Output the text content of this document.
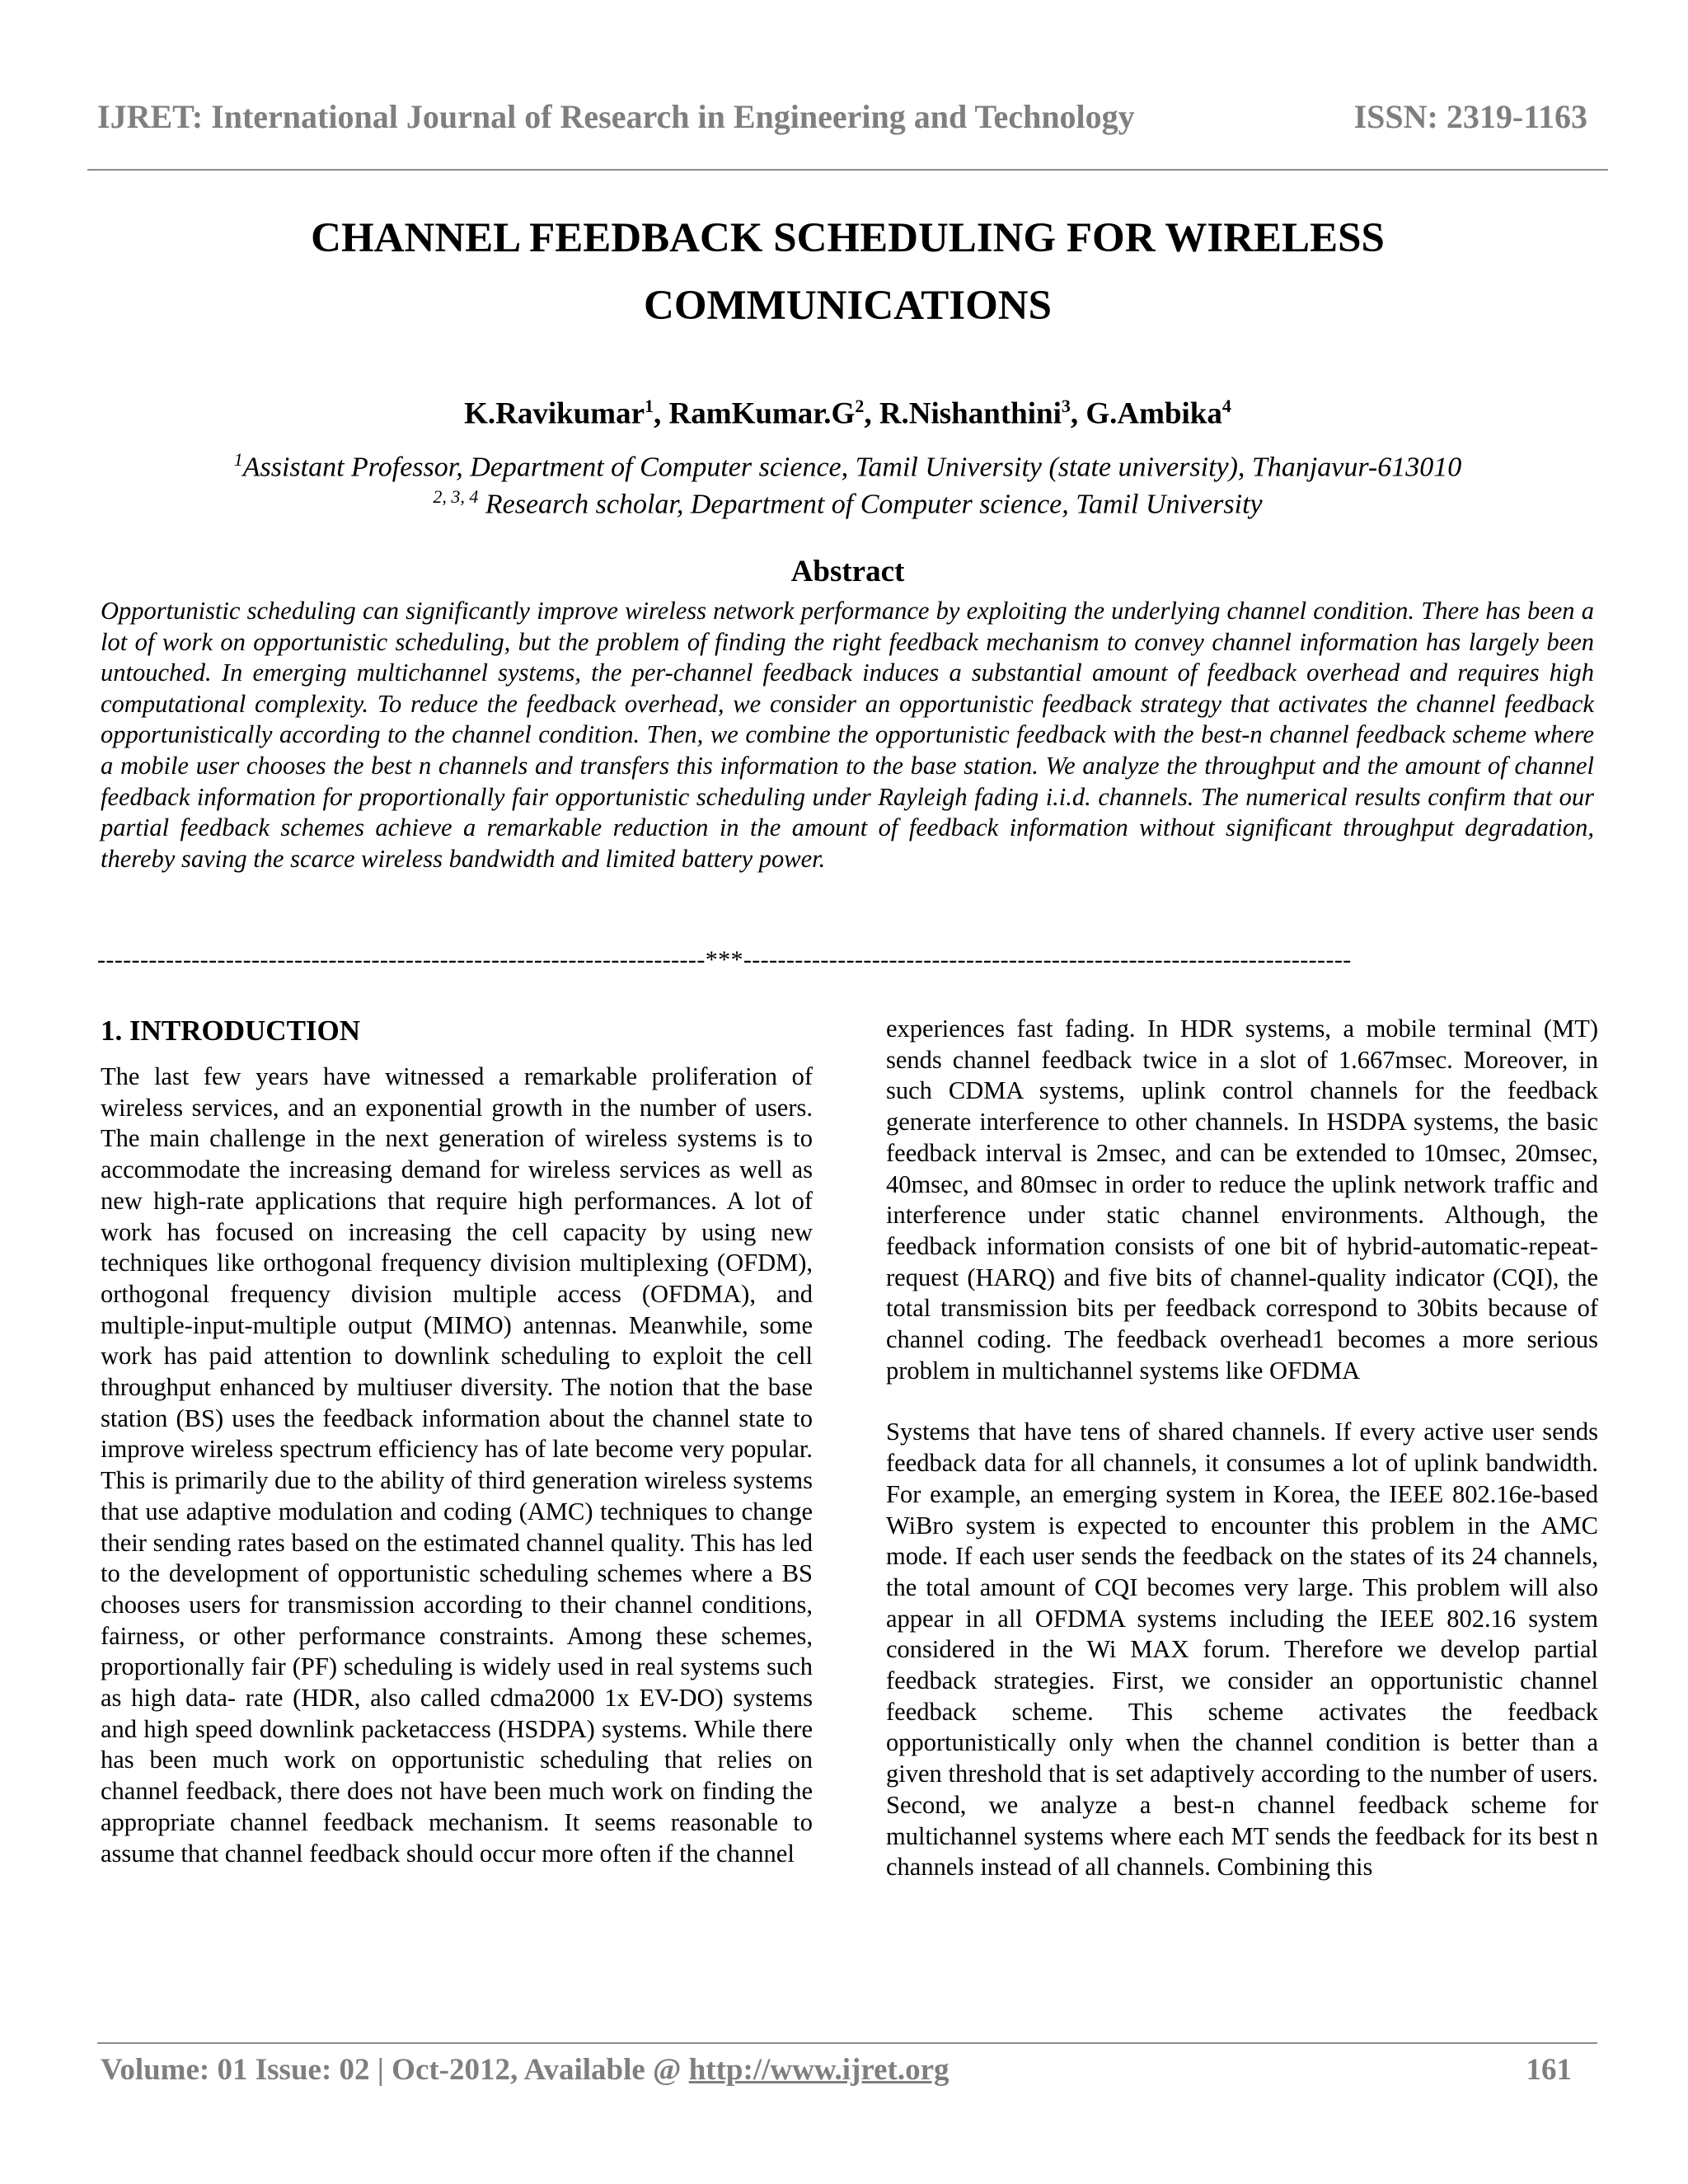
IJRET: International Journal of Research in Engineering and Technology	ISSN: 2319-1163
CHANNEL FEEDBACK SCHEDULING FOR WIRELESS
COMMUNICATIONS
K.Ravikumar$^1$, $RamKumar.G^2$, R.Nishanthini$^3$, G.Ambika$^4$
$^1$Assistant Professor, Department of Computer science, Tamil University (state university), Thanjavur-613010
$^{2, 3, 4}$ Research scholar, Department of Computer science, Tamil University
Abstract
Opportunistic scheduling can significantly improve wireless network performance by exploiting the underlying channel condition. There has been a lot of work on opportunistic scheduling, but the problem of finding the right feedback mechanism to convey channel information has largely been untouched. In emerging multichannel systems, the per-channel feedback induces a substantial amount of feedback overhead and requires high computational complexity. To reduce the feedback overhead, we consider an opportunistic feedback strategy that activates the channel feedback opportunistically according to the channel condition. Then, we combine the opportunistic feedback with the best-n channel feedback scheme where a mobile user chooses the best n channels and transfers this information to the base station. We analyze the throughput and the amount of channel feedback information for proportionally fair opportunistic scheduling under Rayleigh fading i.i.d. channels. The numerical results confirm that our partial feedback schemes achieve a remarkable reduction in the amount of feedback information without significant throughput degradation, thereby saving the scarce wireless bandwidth and limited battery power.
-----------------------------------------------------------------------***-----------------------------------------------------------------------
1. INTRODUCTION
The last few years have witnessed a remarkable proliferation of wireless services, and an exponential growth in the number of users. The main challenge in the next generation of wireless systems is to accommodate the increasing demand for wireless services as well as new high-rate applications that require high performances. A lot of work has focused on increasing the cell capacity by using new techniques like orthogonal frequency division multiplexing (OFDM), orthogonal frequency division multiple access (OFDMA), and multiple-input-multiple output (MIMO) antennas. Meanwhile, some work has paid attention to downlink scheduling to exploit the cell throughput enhanced by multiuser diversity. The notion that the base station (BS) uses the feedback information about the channel state to improve wireless spectrum efficiency has of late become very popular. This is primarily due to the ability of third generation wireless systems that use adaptive modulation and coding (AMC) techniques to change their sending rates based on the estimated channel quality. This has led to the development of opportunistic scheduling schemes where a BS chooses users for transmission according to their channel conditions, fairness, or other performance constraints. Among these schemes, proportionally fair (PF) scheduling is widely used in real systems such as high data- rate (HDR, also called cdma2000 1x EV-DO) systems and high speed downlink packetaccess (HSDPA) systems. While there has been much work on opportunistic scheduling that relies on channel feedback, there does not have been much work on finding the appropriate channel feedback mechanism. It seems reasonable to assume that channel feedback should occur more often if the channel
experiences fast fading. In HDR systems, a mobile terminal (MT) sends channel feedback twice in a slot of 1.667msec. Moreover, in such CDMA systems, uplink control channels for the feedback generate interference to other channels. In HSDPA systems, the basic feedback interval is 2msec, and can be extended to 10msec, 20msec, 40msec, and 80msec in order to reduce the uplink network traffic and interference under static channel environments. Although, the feedback information consists of one bit of hybrid-automatic-repeat-request (HARQ) and five bits of channel-quality indicator (CQI), the total transmission bits per feedback correspond to 30bits because of channel coding. The feedback overhead1 becomes a more serious problem in multichannel systems like OFDMA
Systems that have tens of shared channels. If every active user sends feedback data for all channels, it consumes a lot of uplink bandwidth. For example, an emerging system in Korea, the IEEE 802.16e-based WiBro system is expected to encounter this problem in the AMC mode. If each user sends the feedback on the states of its 24 channels, the total amount of CQI becomes very large. This problem will also appear in all OFDMA systems including the IEEE 802.16 system considered in the Wi MAX forum. Therefore we develop partial feedback strategies. First, we consider an opportunistic channel feedback scheme. This scheme activates the feedback opportunistically only when the channel condition is better than a given threshold that is set adaptively according to the number of users. Second, we analyze a best-n channel feedback scheme for multichannel systems where each MT sends the feedback for its best n channels instead of all channels. Combining this
Volume: 01 Issue: 02 | Oct-2012, Available @ http://www.ijret.org	161
